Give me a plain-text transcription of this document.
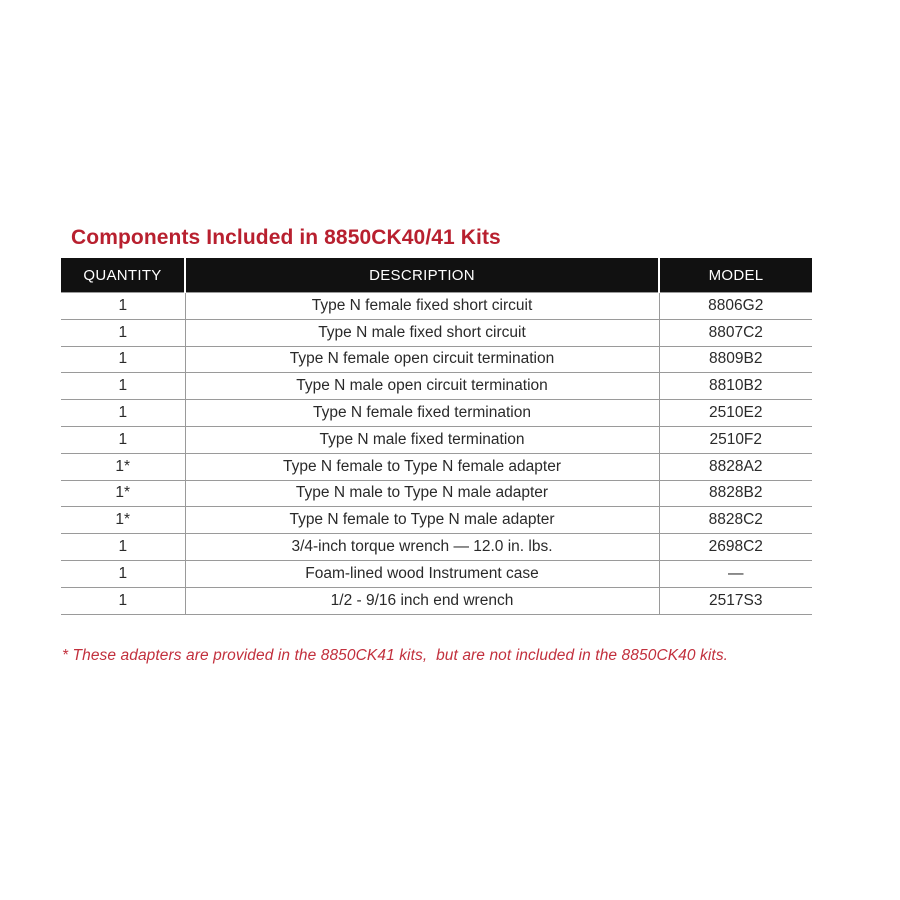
Components Included in 8850CK40/41 Kits
QUANTITY	DESCRIPTION	MODEL
1	Type N female fixed short circuit	8806G2
1	Type N male fixed short circuit	8807C2
1	Type N female open circuit termination	8809B2
1	Type N male open circuit termination	8810B2
1	Type N female fixed termination	2510E2
1	Type N male fixed termination	2510F2
1*	Type N female to Type N female adapter	8828A2
1*	Type N male to Type N male adapter	8828B2
1*	Type N female to Type N male adapter	8828C2
1	3/4-inch torque wrench — 12.0 in. lbs.	2698C2
1	Foam-lined wood Instrument case	—
1	1/2 - 9/16 inch end wrench	2517S3
* These adapters are provided in the 8850CK41 kits,  but are not included in the 8850CK40 kits.
